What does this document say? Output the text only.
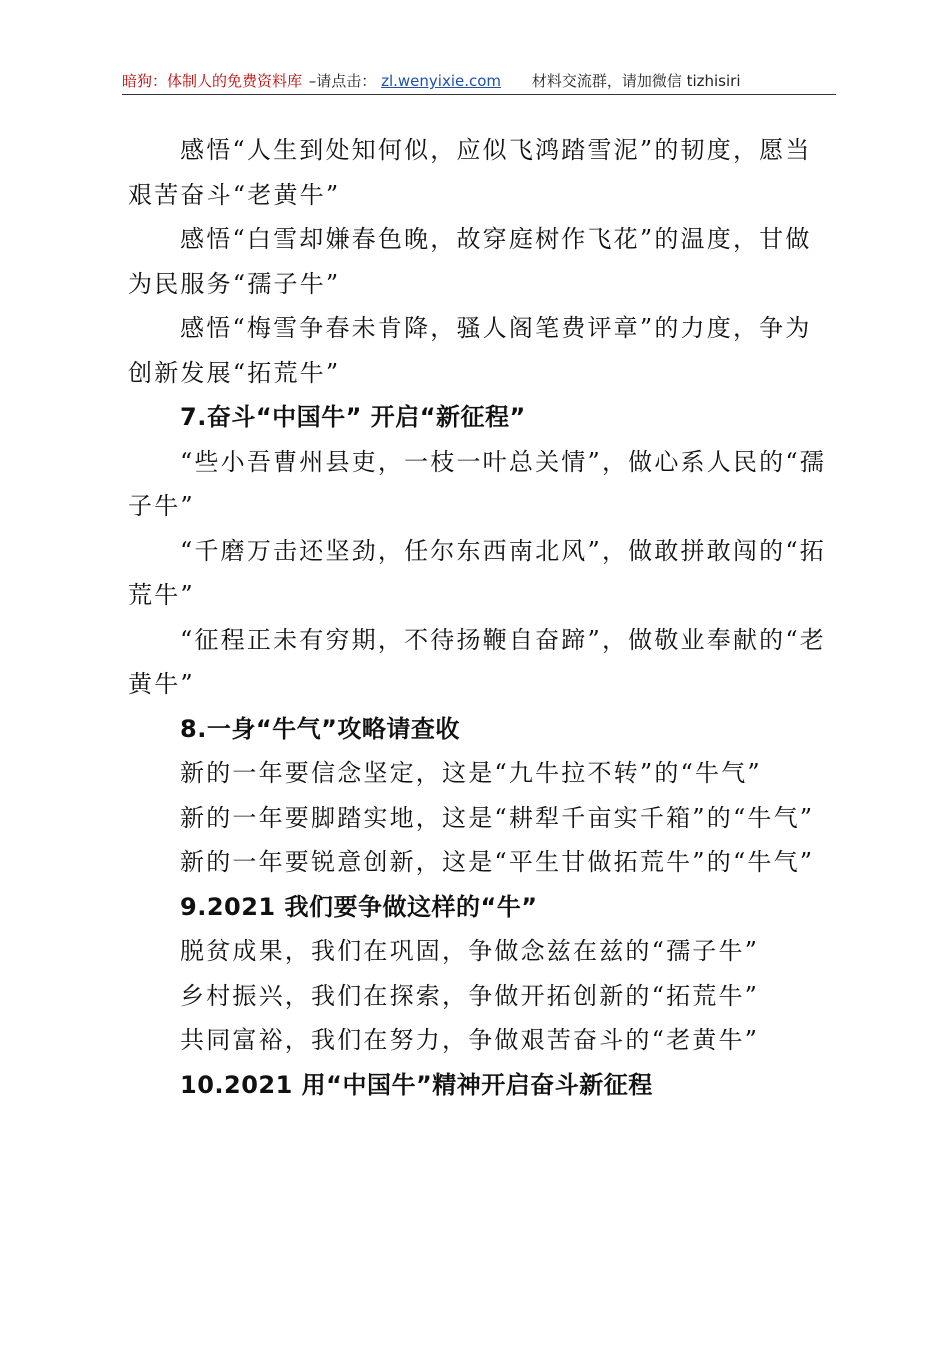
暗狗：体制人的免费资料库 –请点击： zl.wenyixie.com 材料交流群，请加微信 tizhisiri

感悟“人生到处知何似，应似飞鸿踏雪泥”的韧度，愿当艰苦奋斗“老黄牛”

感悟“白雪却嫌春色晚，故穿庭树作飞花”的温度，甘做为民服务“孺子牛”

感悟“梅雪争春未肯降，骚人阁笔费评章”的力度，争为创新发展“拓荒牛”

7.奋斗“中国牛” 开启“新征程”

“些小吾曹州县吏，一枝一叶总关情”，做心系人民的“孺子牛”

“千磨万击还坚劲，任尔东西南北风”，做敢拼敢闯的“拓荒牛”

“征程正未有穷期，不待扬鞭自奋蹄”，做敬业奉献的“老黄牛”

8.一身“牛气”攻略请查收

新的一年要信念坚定，这是“九牛拉不转”的“牛气”

新的一年要脚踏实地，这是“耕犁千亩实千箱”的“牛气”

新的一年要锐意创新，这是“平生甘做拓荒牛”的“牛气”

9.2021 我们要争做这样的“牛”

脱贫成果，我们在巩固，争做念兹在兹的“孺子牛”

乡村振兴，我们在探索，争做开拓创新的“拓荒牛”

共同富裕，我们在努力，争做艰苦奋斗的“老黄牛”

10.2021 用“中国牛”精神开启奋斗新征程
